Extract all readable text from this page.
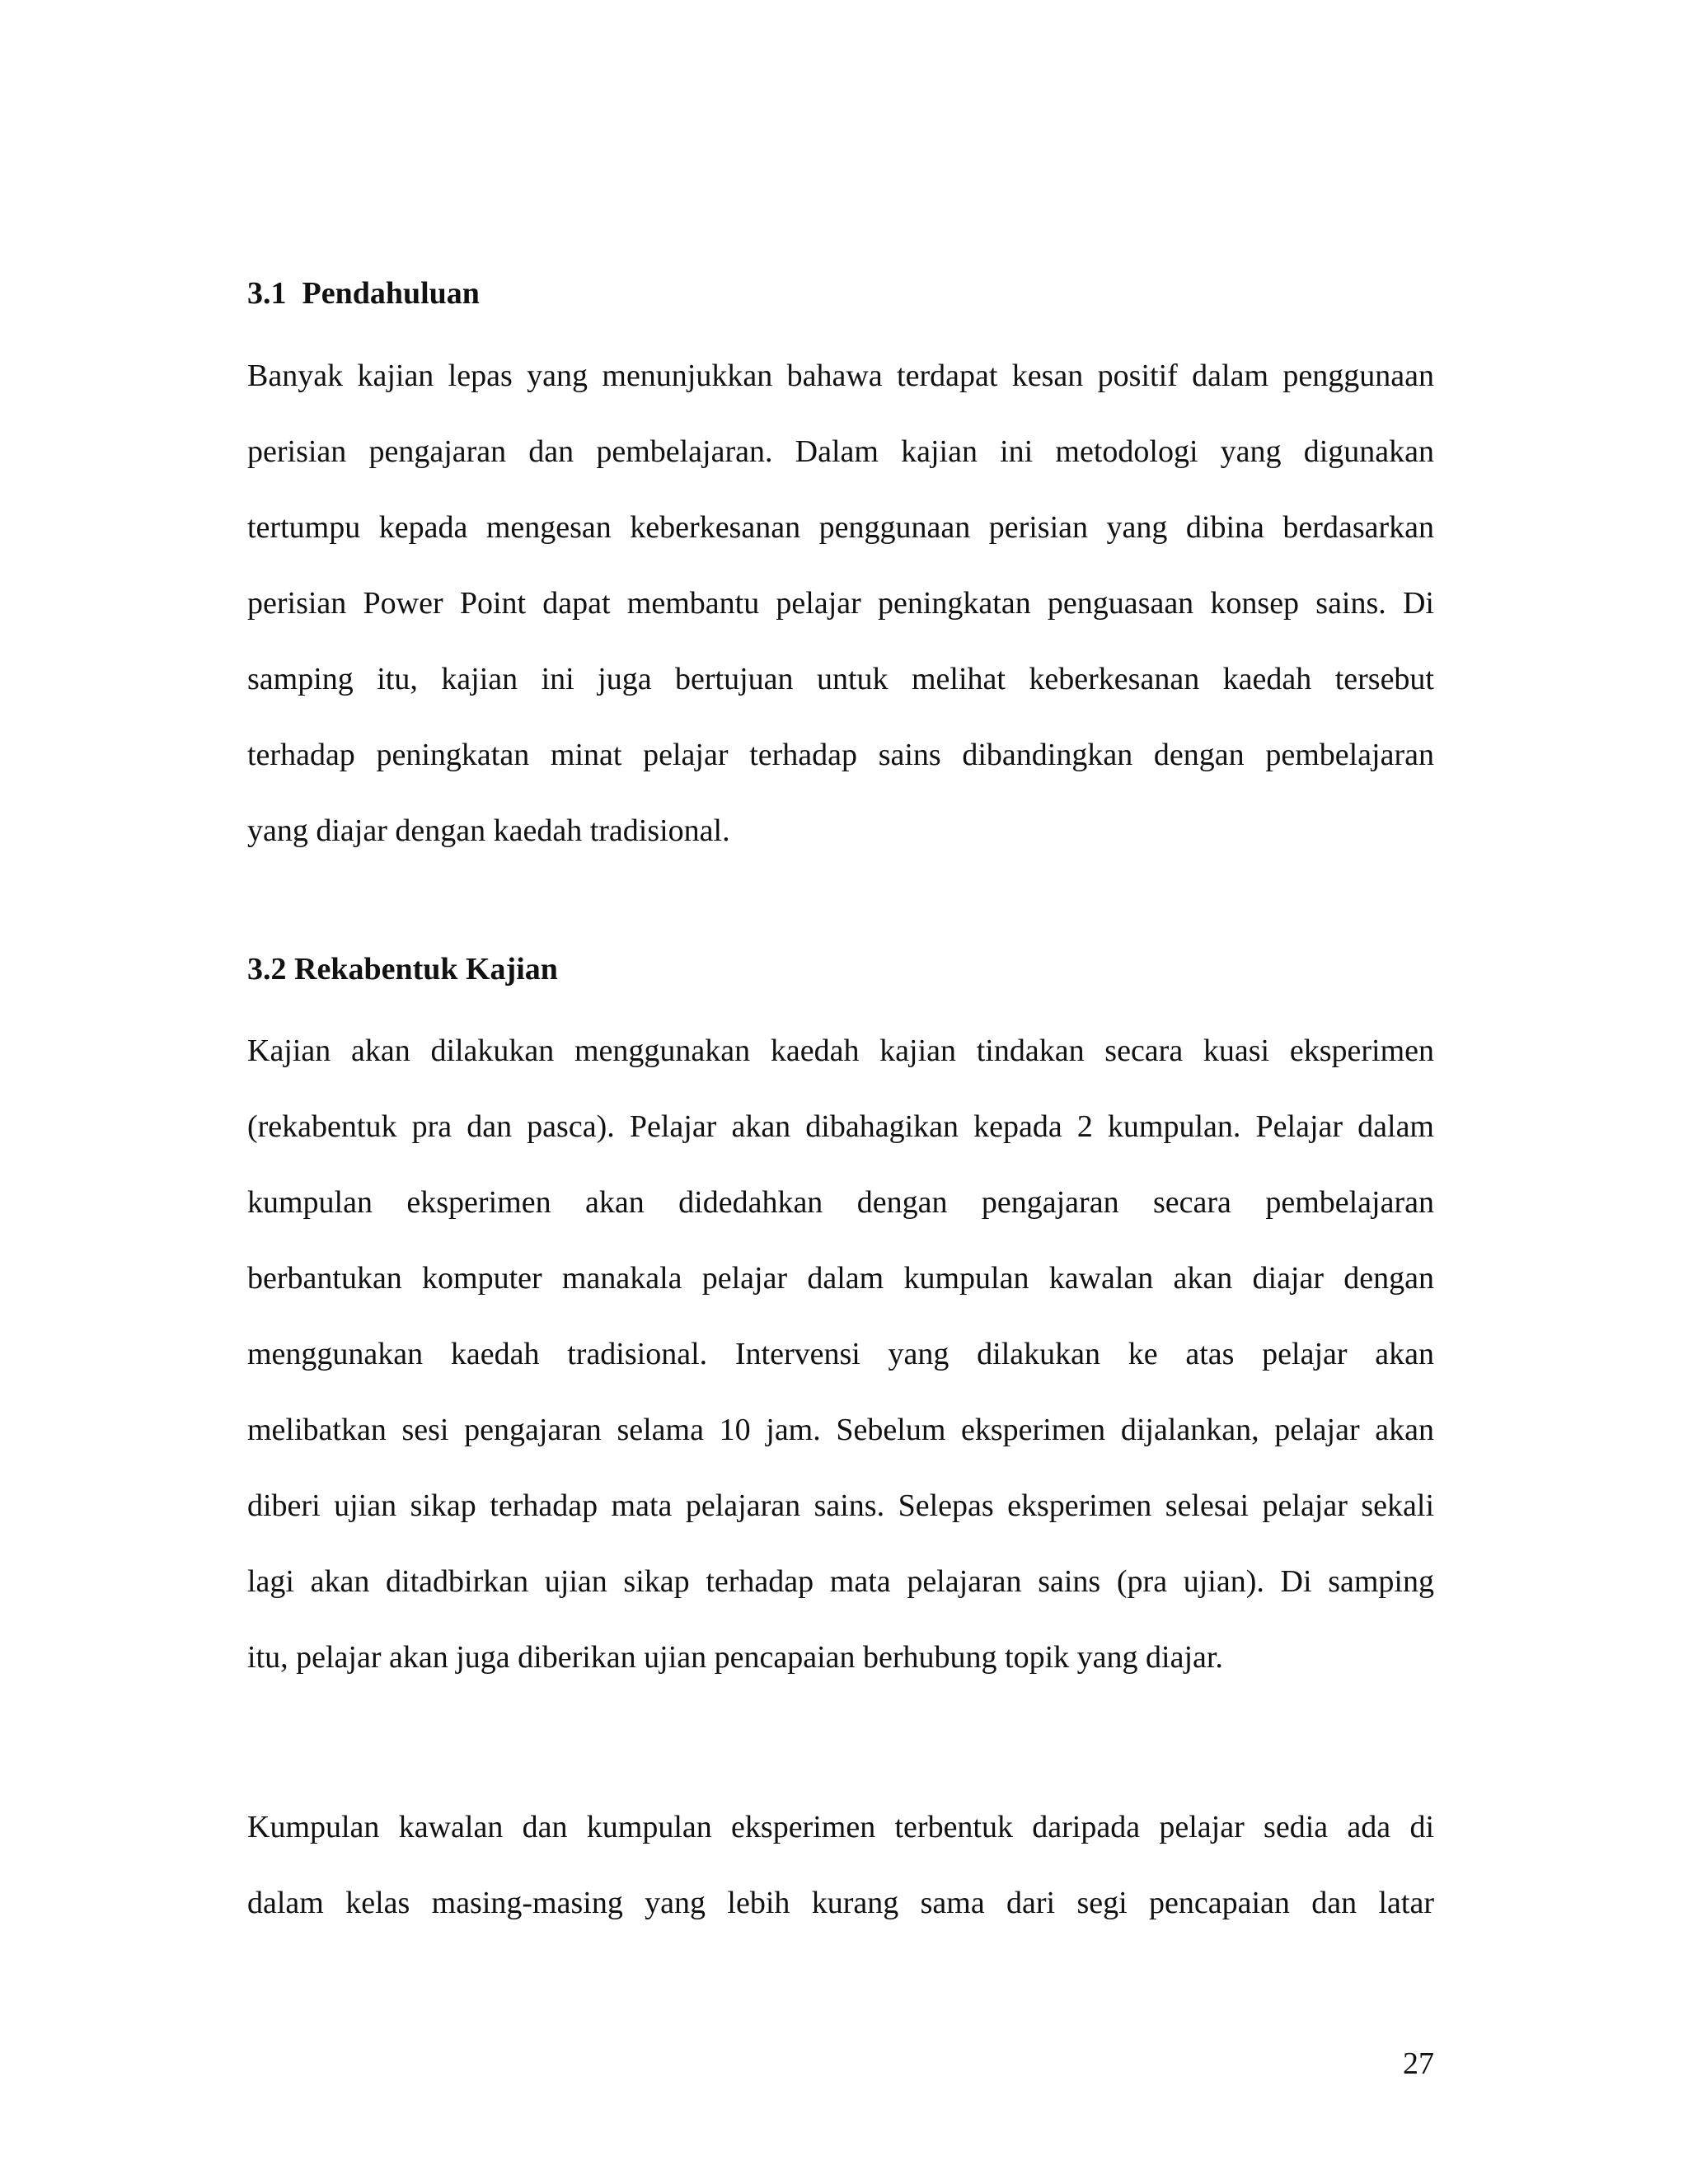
3.1  Pendahuluan

Banyak kajian lepas yang menunjukkan bahawa terdapat kesan positif dalam penggunaan
perisian pengajaran dan pembelajaran. Dalam kajian ini metodologi yang digunakan
tertumpu kepada mengesan keberkesanan penggunaan perisian yang dibina berdasarkan
perisian Power Point dapat membantu pelajar peningkatan penguasaan konsep sains. Di
samping itu, kajian ini juga bertujuan untuk melihat keberkesanan kaedah tersebut
terhadap peningkatan minat pelajar terhadap sains dibandingkan dengan pembelajaran
yang diajar dengan kaedah tradisional.

3.2 Rekabentuk Kajian

Kajian akan dilakukan menggunakan kaedah kajian tindakan secara kuasi eksperimen
(rekabentuk pra dan pasca). Pelajar akan dibahagikan kepada 2 kumpulan. Pelajar dalam
kumpulan eksperimen akan didedahkan dengan pengajaran secara pembelajaran
berbantukan komputer manakala pelajar dalam kumpulan kawalan akan diajar dengan
menggunakan kaedah tradisional. Intervensi yang dilakukan ke atas pelajar akan
melibatkan sesi pengajaran selama 10 jam. Sebelum eksperimen dijalankan, pelajar akan
diberi ujian sikap terhadap mata pelajaran sains. Selepas eksperimen selesai pelajar sekali
lagi akan ditadbirkan ujian sikap terhadap mata pelajaran sains (pra ujian). Di samping
itu, pelajar akan juga diberikan ujian pencapaian berhubung topik yang diajar.

Kumpulan kawalan dan kumpulan eksperimen terbentuk daripada pelajar sedia ada di
dalam kelas masing-masing yang lebih kurang sama dari segi pencapaian dan latar

27
